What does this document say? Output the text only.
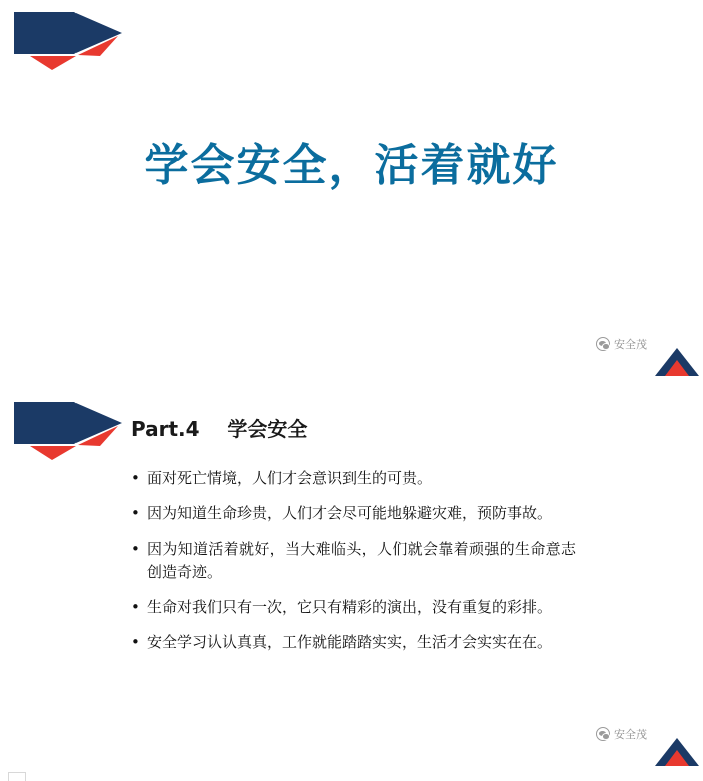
学会安全，活着就好
安全茂
Part.4    学会安全
• 面对死亡情境，人们才会意识到生的可贵。
• 因为知道生命珍贵，人们才会尽可能地躲避灾难，预防事故。
• 因为知道活着就好，当大难临头，人们就会靠着顽强的生命意志创造奇迹。
• 生命对我们只有一次，它只有精彩的演出，没有重复的彩排。
• 安全学习认认真真，工作就能踏踏实实，生活才会实实在在。
安全茂
